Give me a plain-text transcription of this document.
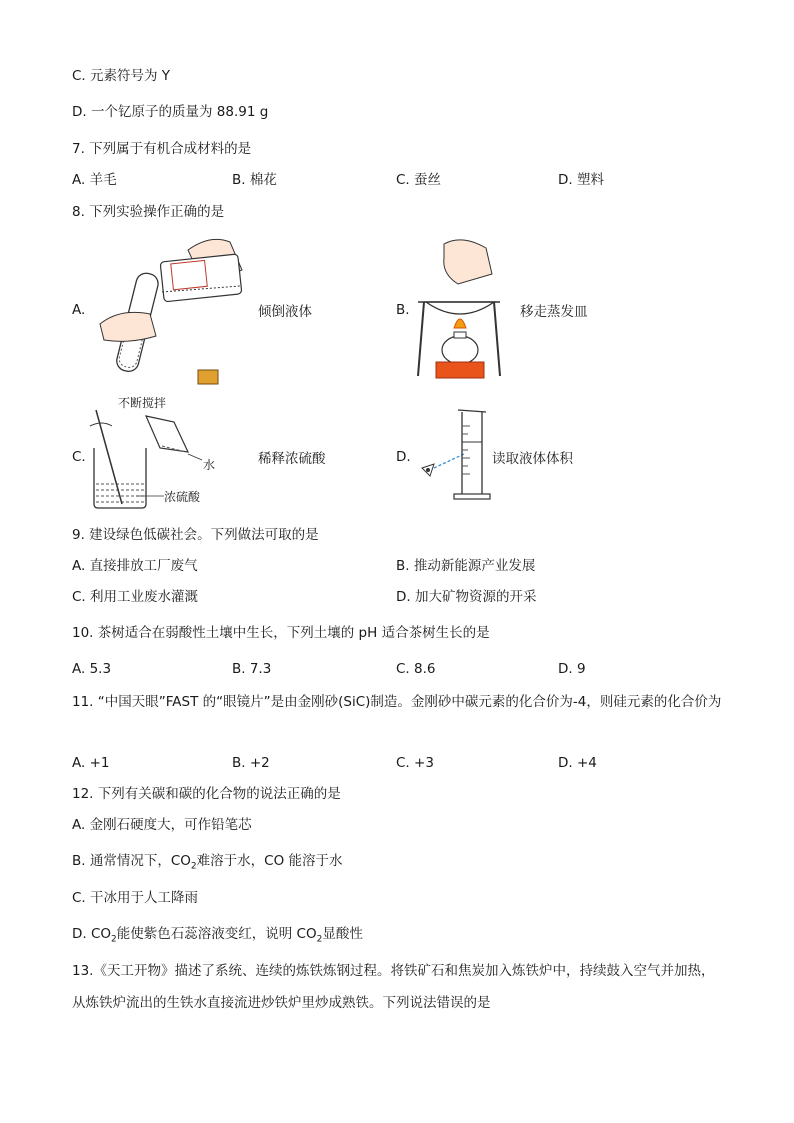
C. 元素符号为 Y
D. 一个钇原子的质量为 88.91 g
7. 下列属于有机合成材料的是
A. 羊毛	B. 棉花	C. 蚕丝	D. 塑料
8. 下列实验操作正确的是
A.	倾倒液体	B.	移走蒸发皿
C.
不断搅拌
水
浓硫酸
稀释浓硫酸	D.	读取液体体积
9. 建设绿色低碳社会。下列做法可取的是
A. 直接排放工厂废气	B. 推动新能源产业发展
C. 利用工业废水灌溉	D. 加大矿物资源的开采
10. 茶树适合在弱酸性土壤中生长，下列土壤的 pH 适合茶树生长的是
A. 5.3	B. 7.3	C. 8.6	D. 9
11. “中国天眼”FAST 的“眼镜片”是由金刚砂(SiC)制造。金刚砂中碳元素的化合价为-4，则硅元素的化合价为
A. +1	B. +2	C. +3	D. +4
12. 下列有关碳和碳的化合物的说法正确的是
A. 金刚石硬度大，可作铅笔芯
B. 通常情况下，$CO_2$难溶于水，CO 能溶于水
C. 干冰用于人工降雨
D. $CO_2$能使紫色石蕊溶液变红，说明 $CO_2$显酸性
13.《天工开物》描述了系统、连续的炼铁炼钢过程。将铁矿石和焦炭加入炼铁炉中，持续鼓入空气并加热，从炼铁炉流出的生铁水直接流进炒铁炉里炒成熟铁。下列说法错误的是
